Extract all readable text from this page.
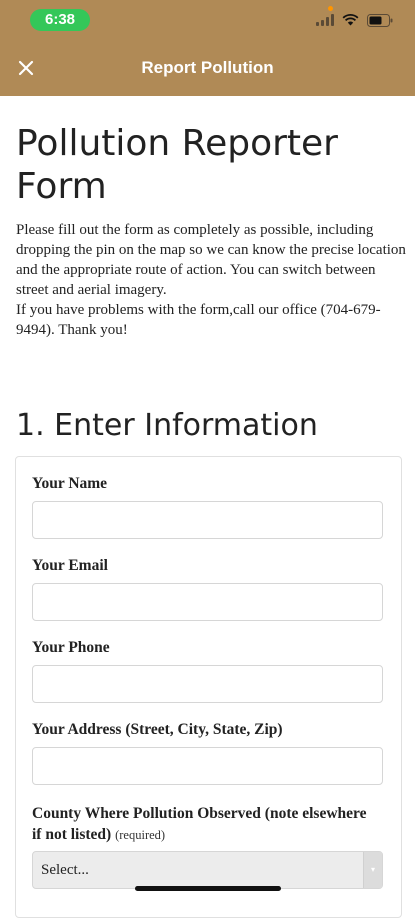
6:38
Report Pollution
Pollution Reporter Form
Please fill out the form as completely as possible, including dropping the pin on the map so we can know the precise location and the appropriate route of action. You can switch between street and aerial imagery.
If you have problems with the form,call our office (704-679-9494). Thank you!
1. Enter Information
Your Name
Your Email
Your Phone
Your Address (Street, City, State, Zip)
County Where Pollution Observed (note elsewhere if not listed) (required)
Select...	▾
